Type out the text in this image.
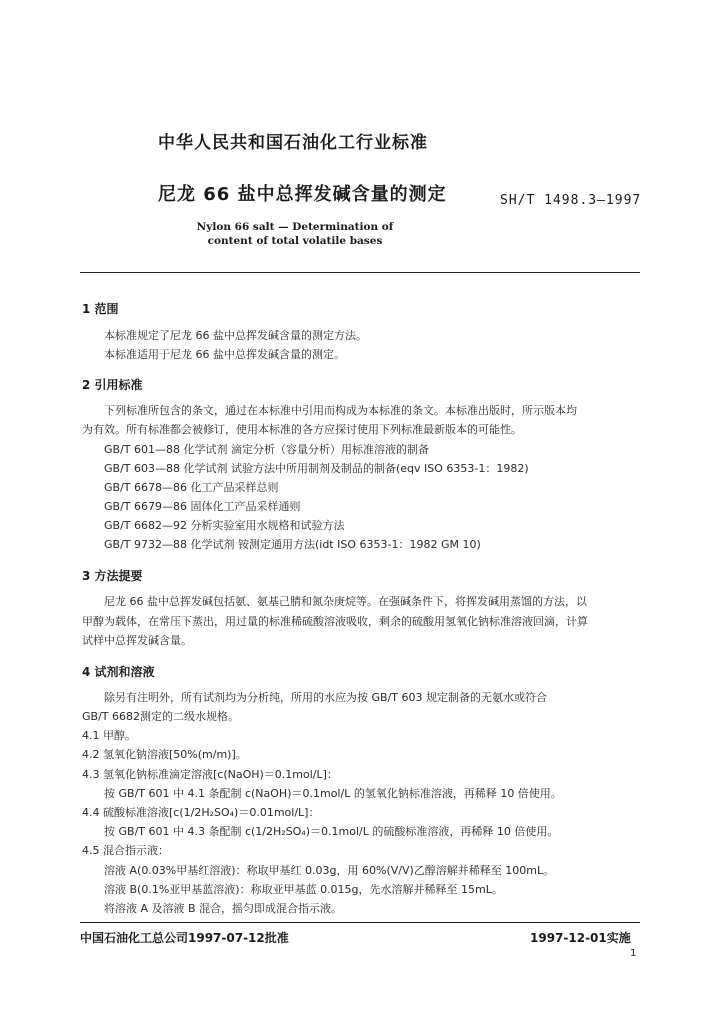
中华人民共和国石油化工行业标准
尼龙 66 盐中总挥发碱含量的测定	SH/T 1498.3—1997
Nylon 66 salt — Determination of
content of total volatile bases
1 范围
本标准规定了尼龙 66 盐中总挥发碱含量的测定方法。
本标准适用于尼龙 66 盐中总挥发碱含量的测定。
2 引用标准
下列标准所包含的条文，通过在本标准中引用而构成为本标准的条文。本标准出版时，所示版本均
为有效。所有标准都会被修订，使用本标准的各方应探讨使用下列标准最新版本的可能性。
GB/T 601—88 化学试剂 滴定分析（容量分析）用标准溶液的制备
GB/T 603—88 化学试剂 试验方法中所用制剂及制品的制备(eqv ISO 6353-1：1982)
GB/T 6678—86 化工产品采样总则
GB/T 6679—86 固体化工产品采样通则
GB/T 6682—92 分析实验室用水规格和试验方法
GB/T 9732—88 化学试剂 铵测定通用方法(idt ISO 6353-1：1982 GM 10)
3 方法提要
尼龙 66 盐中总挥发碱包括氨、氨基己腈和氮杂庚烷等。在强碱条件下，将挥发碱用蒸馏的方法，以
甲醇为载体，在常压下蒸出，用过量的标准稀硫酸溶液吸收，剩余的硫酸用氢氧化钠标准溶液回滴，计算
试样中总挥发碱含量。
4 试剂和溶液
除另有注明外，所有试剂均为分析纯，所用的水应为按 GB/T 603 规定制备的无氨水或符合
GB/T 6682测定的二级水规格。
4.1 甲醇。
4.2 氢氧化钠溶液[50%(m/m)]。
4.3 氢氧化钠标准滴定溶液[c(NaOH)＝0.1mol/L]：
按 GB/T 601 中 4.1 条配制 c(NaOH)＝0.1mol/L 的氢氧化钠标准溶液，再稀释 10 倍使用。
4.4 硫酸标准溶液[c(1/2H₂SO₄)＝0.01mol/L]：
按 GB/T 601 中 4.3 条配制 c(1/2H₂SO₄)＝0.1mol/L 的硫酸标准溶液，再稀释 10 倍使用。
4.5 混合指示液：
溶液 A(0.03%甲基红溶液)：称取甲基红 0.03g，用 60%(V/V)乙醇溶解并稀释至 100mL。
溶液 B(0.1%亚甲基蓝溶液)：称取亚甲基蓝 0.015g，先水溶解并稀释至 15mL。
将溶液 A 及溶液 B 混合，摇匀即成混合指示液。
中国石油化工总公司1997-07-12批准	1997-12-01实施
1
